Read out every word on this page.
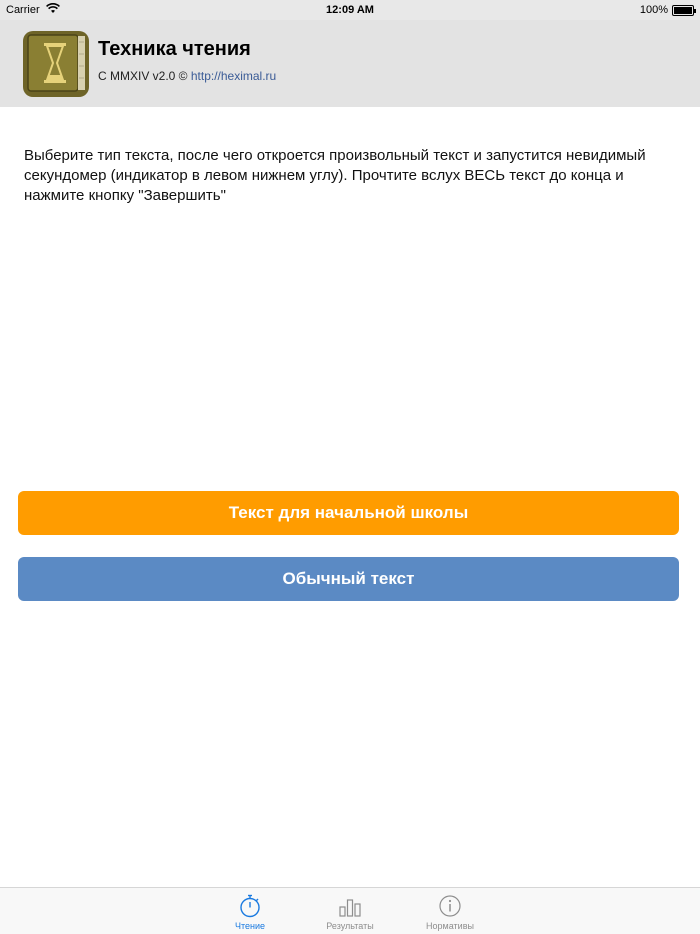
Carrier	12:09 AM	100%
Техника чтения
С MMXIV v2.0 © http://heximal.ru
Выберите тип текста, после чего откроется произвольный текст и запустится невидимый секундомер (индикатор в левом нижнем углу). Прочтите вслух ВЕСЬ текст до конца и нажмите кнопку "Завершить"
Текст для начальной школы
Обычный текст
Чтение	Результаты	Нормативы
